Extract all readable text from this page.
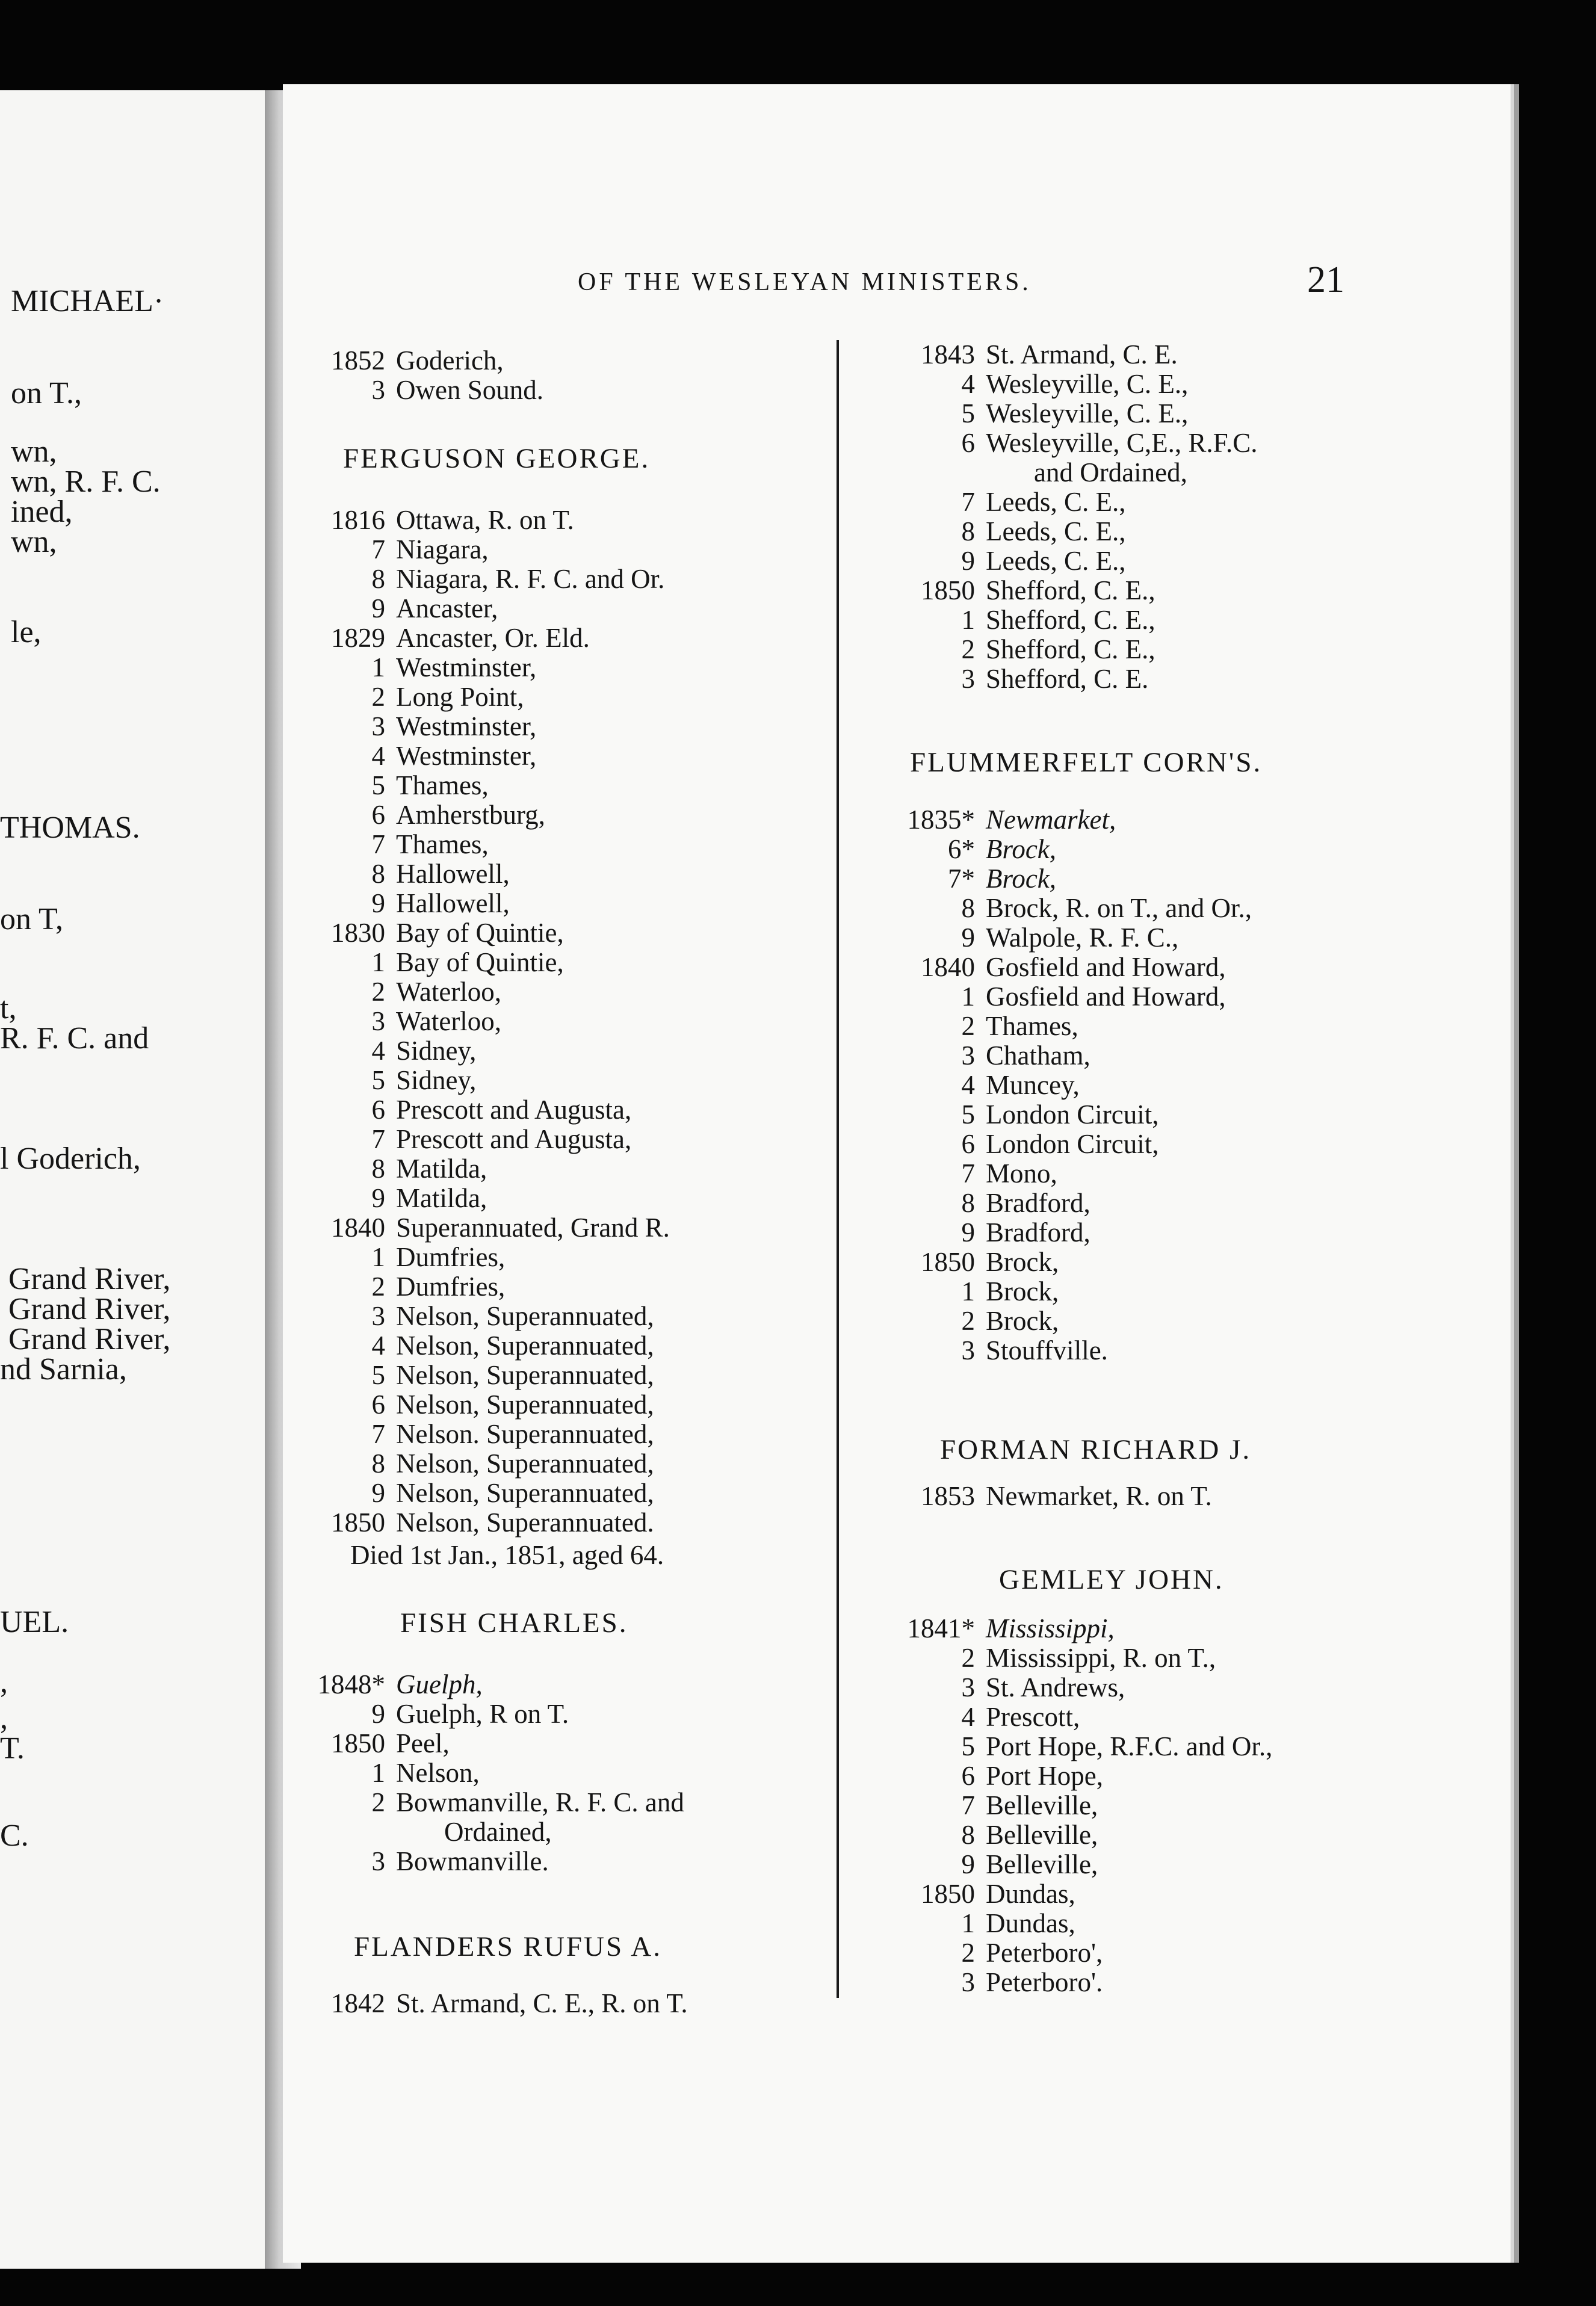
MICHAEL·
on T.,
wn,
wn, R. F. C.
ined,
wn,
le,
THOMAS.
on T,
t,
R. F. C. and
l Goderich,
Grand River,
Grand River,
Grand River,
nd Sarnia,
UEL.
,
,
T.
C.
OF THE WESLEYAN MINISTERS.	21
1852 Goderich,
3 Owen Sound.
FERGUSON GEORGE.
1816 Ottawa, R. on T.
7 Niagara,
8 Niagara, R. F. C. and Or.
9 Ancaster,
1829 Ancaster, Or. Eld.
1 Westminster,
2 Long Point,
3 Westminster,
4 Westminster,
5 Thames,
6 Amherstburg,
7 Thames,
8 Hallowell,
9 Hallowell,
1830 Bay of Quintie,
1 Bay of Quintie,
2 Waterloo,
3 Waterloo,
4 Sidney,
5 Sidney,
6 Prescott and Augusta,
7 Prescott and Augusta,
8 Matilda,
9 Matilda,
1840 Superannuated, Grand R.
1 Dumfries,
2 Dumfries,
3 Nelson, Superannuated,
4 Nelson, Superannuated,
5 Nelson, Superannuated,
6 Nelson, Superannuated,
7 Nelson. Superannuated,
8 Nelson, Superannuated,
9 Nelson, Superannuated,
1850 Nelson, Superannuated.
Died 1st Jan., 1851, aged 64.
FISH CHARLES.
1848* Guelph,
9 Guelph, R on T.
1850 Peel,
1 Nelson,
2 Bowmanville, R. F. C. and
Ordained,
3 Bowmanville.
FLANDERS RUFUS A.
1842 St. Armand, C. E., R. on T.
1843 St. Armand, C. E.
4 Wesleyville, C. E.,
5 Wesleyville, C. E.,
6 Wesleyville, C,E., R.F.C.
and Ordained,
7 Leeds, C. E.,
8 Leeds, C. E.,
9 Leeds, C. E.,
1850 Shefford, C. E.,
1 Shefford, C. E.,
2 Shefford, C. E.,
3 Shefford, C. E.
FLUMMERFELT CORN'S.
1835* Newmarket,
6* Brock,
7* Brock,
8 Brock, R. on T., and Or.,
9 Walpole, R. F. C.,
1840 Gosfield and Howard,
1 Gosfield and Howard,
2 Thames,
3 Chatham,
4 Muncey,
5 London Circuit,
6 London Circuit,
7 Mono,
8 Bradford,
9 Bradford,
1850 Brock,
1 Brock,
2 Brock,
3 Stouffville.
FORMAN RICHARD J.
1853 Newmarket, R. on T.
GEMLEY JOHN.
1841* Mississippi,
2 Mississippi, R. on T.,
3 St. Andrews,
4 Prescott,
5 Port Hope, R.F.C. and Or.,
6 Port Hope,
7 Belleville,
8 Belleville,
9 Belleville,
1850 Dundas,
1 Dundas,
2 Peterboro',
3 Peterboro'.
